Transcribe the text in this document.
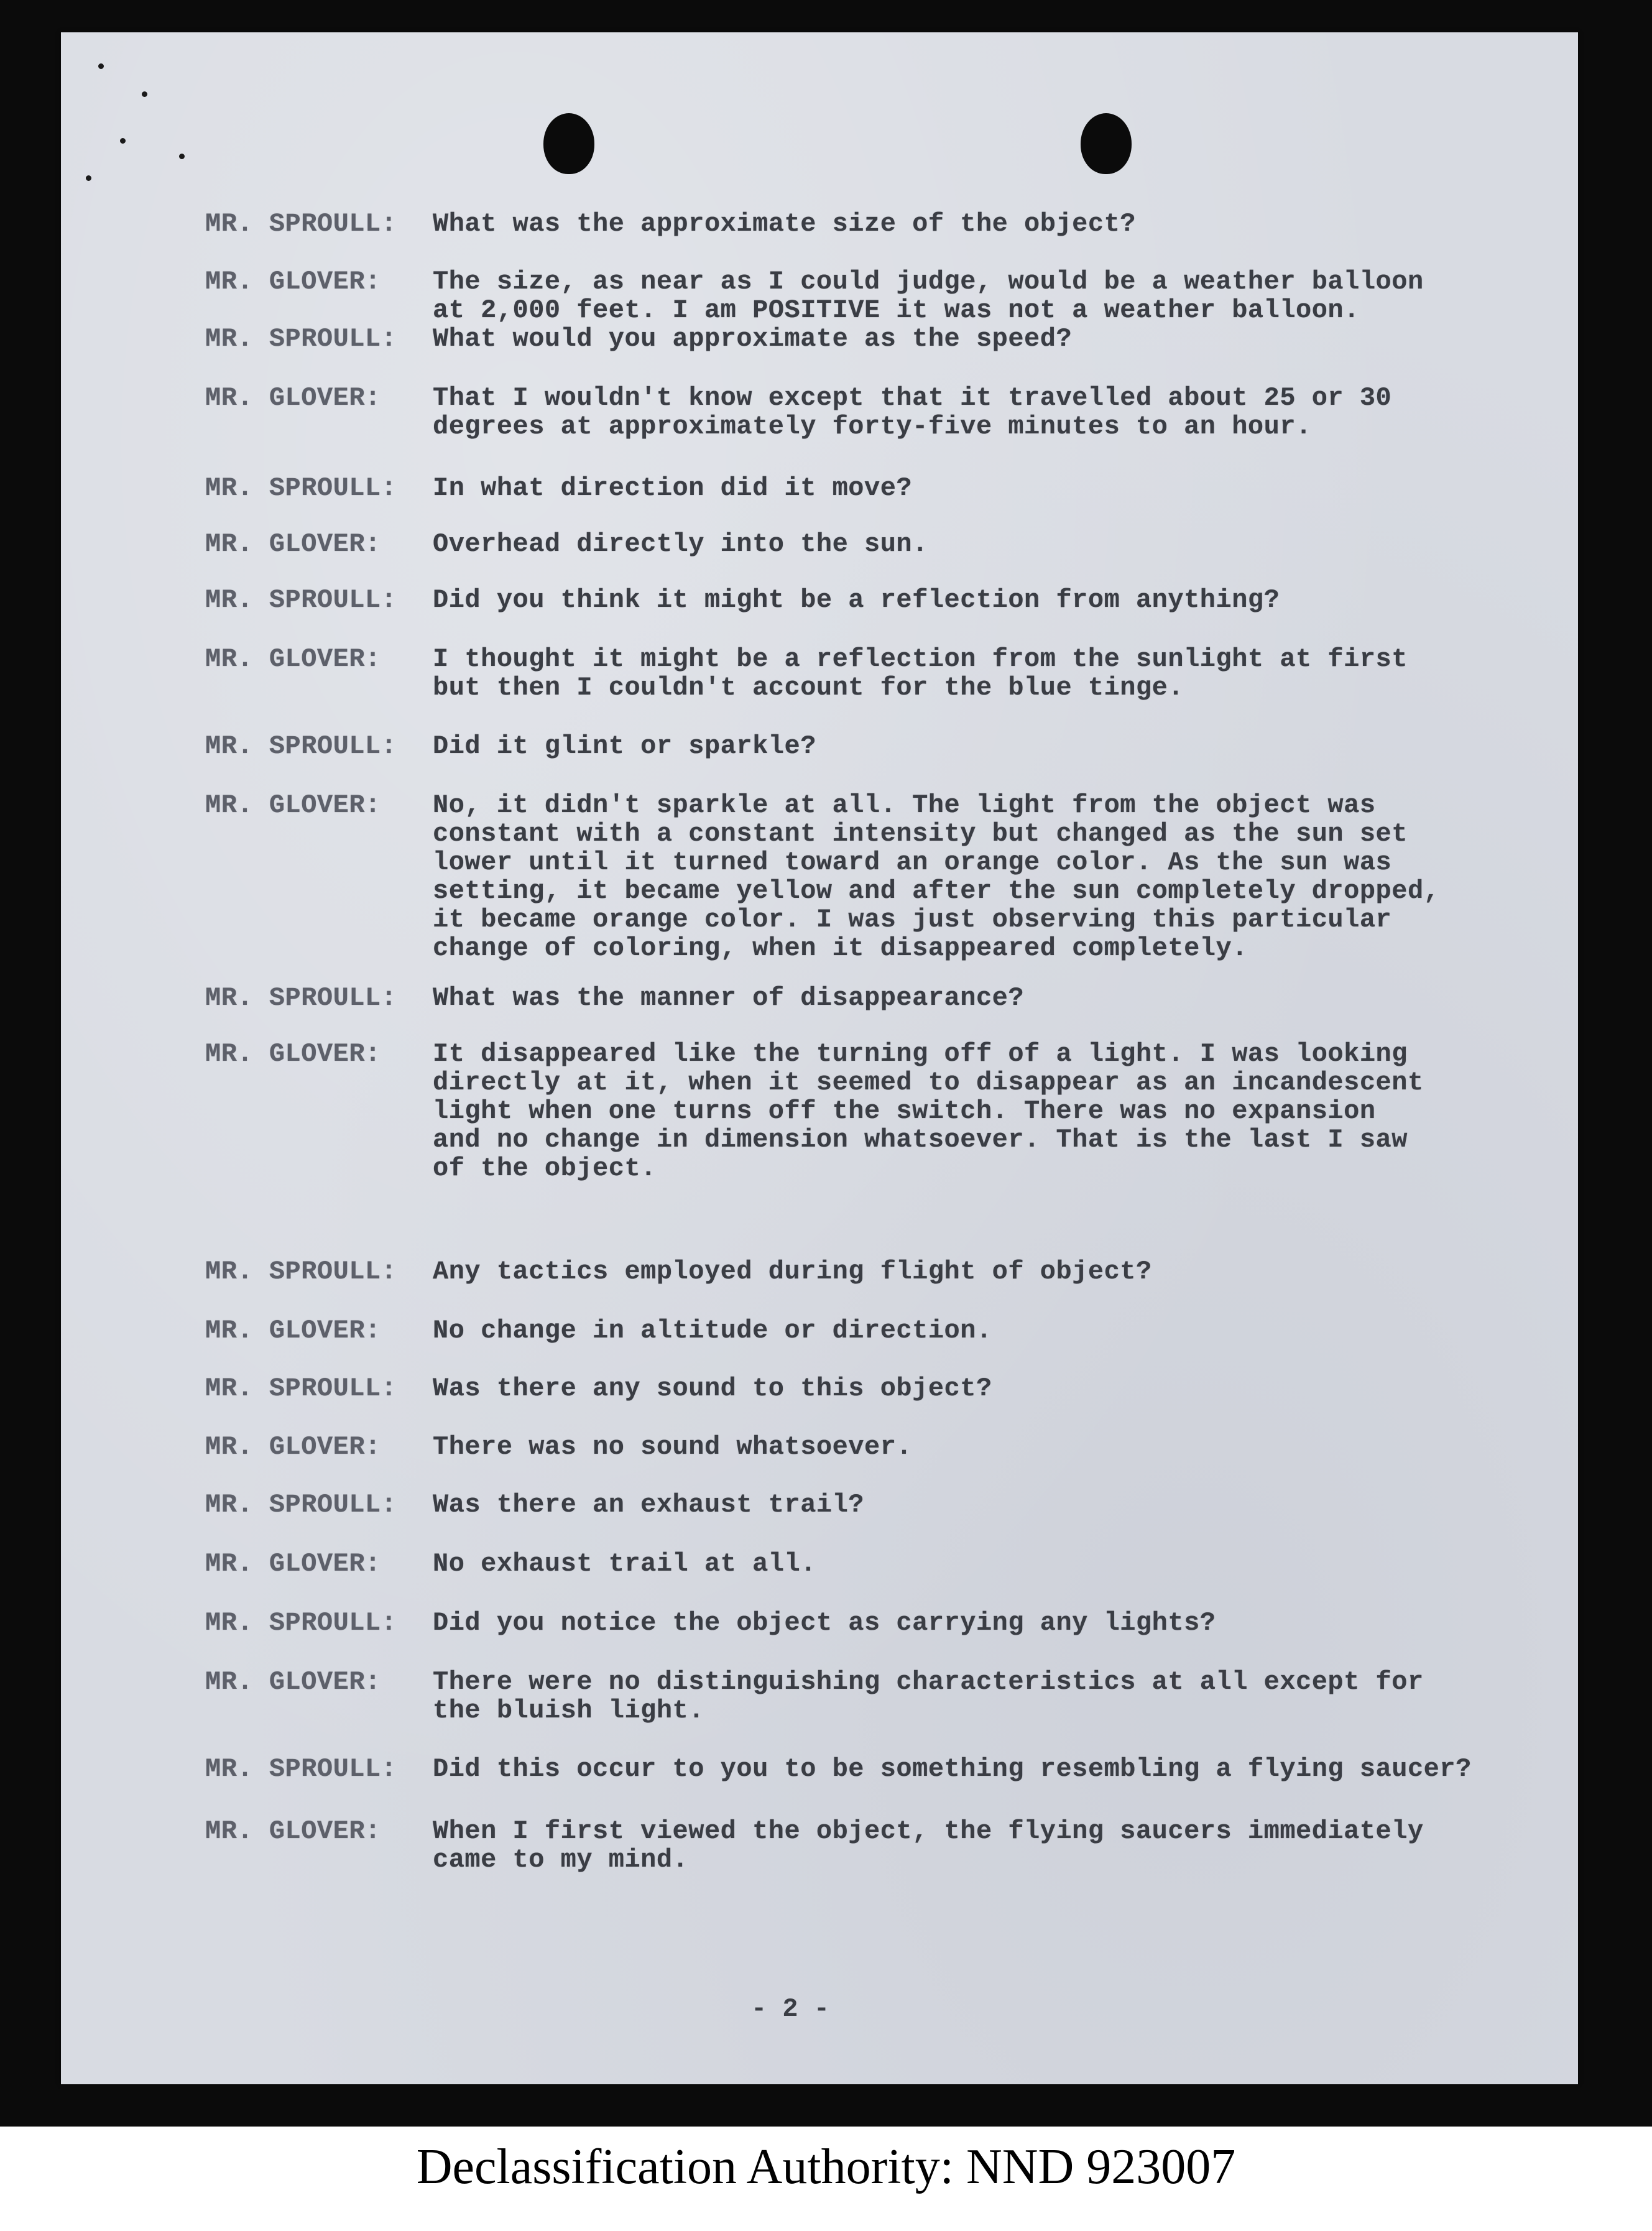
MR. SPROULL:	What was the approximate size of the object?
MR. GLOVER:	The size, as near as I could judge, would be a weather balloon
at 2,000 feet. I am POSITIVE it was not a weather balloon.
MR. SPROULL:	What would you approximate as the speed?
MR. GLOVER:	That I wouldn't know except that it travelled about 25 or 30
degrees at approximately forty-five minutes to an hour.
MR. SPROULL:	In what direction did it move?
MR. GLOVER:	Overhead directly into the sun.
MR. SPROULL:	Did you think it might be a reflection from anything?
MR. GLOVER:	I thought it might be a reflection from the sunlight at first
but then I couldn't account for the blue tinge.
MR. SPROULL:	Did it glint or sparkle?
MR. GLOVER:	No, it didn't sparkle at all. The light from the object was
constant with a constant intensity but changed as the sun set
lower until it turned toward an orange color. As the sun was
setting, it became yellow and after the sun completely dropped,
it became orange color. I was just observing this particular
change of coloring, when it disappeared completely.
MR. SPROULL:	What was the manner of disappearance?
MR. GLOVER:	It disappeared like the turning off of a light. I was looking
directly at it, when it seemed to disappear as an incandescent
light when one turns off the switch. There was no expansion
and no change in dimension whatsoever. That is the last I saw
of the object.
MR. SPROULL:	Any tactics employed during flight of object?
MR. GLOVER:	No change in altitude or direction.
MR. SPROULL:	Was there any sound to this object?
MR. GLOVER:	There was no sound whatsoever.
MR. SPROULL:	Was there an exhaust trail?
MR. GLOVER:	No exhaust trail at all.
MR. SPROULL:	Did you notice the object as carrying any lights?
MR. GLOVER:	There were no distinguishing characteristics at all except for
the bluish light.
MR. SPROULL:	Did this occur to you to be something resembling a flying saucer?
MR. GLOVER:	When I first viewed the object, the flying saucers immediately
came to my mind.
- 2 -
Declassification Authority: NND 923007
